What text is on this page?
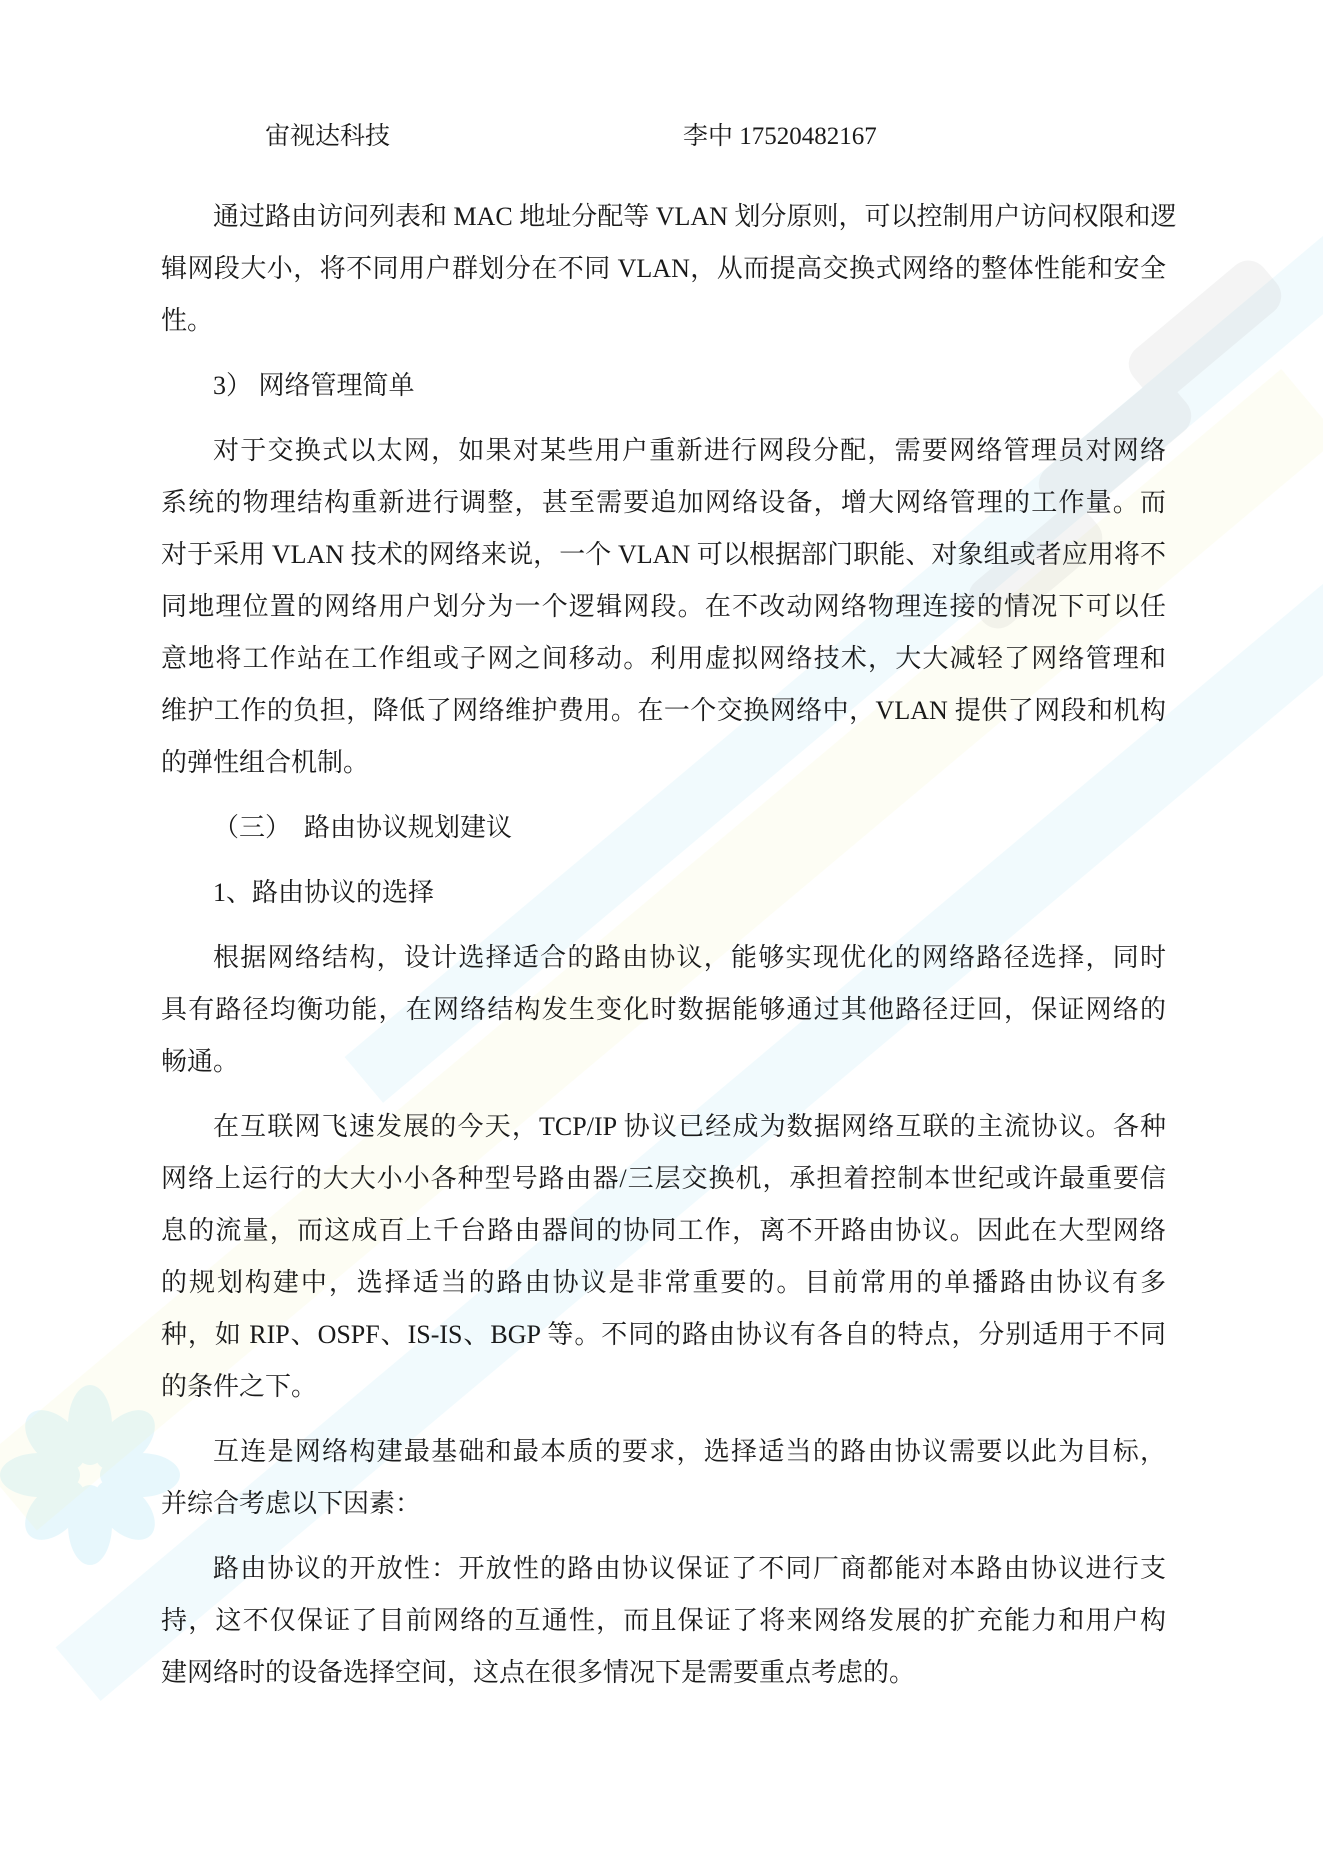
宙视达科技	李中 17520482167
通过路由访问列表和 MAC 地址分配等 VLAN 划分原则，可以控制用户访问权限和逻
辑网段大小，将不同用户群划分在不同 VLAN，从而提高交换式网络的整体性能和安全
性。
3） 网络管理简单
对于交换式以太网，如果对某些用户重新进行网段分配，需要网络管理员对网络
系统的物理结构重新进行调整，甚至需要追加网络设备，增大网络管理的工作量。而
对于采用 VLAN 技术的网络来说，一个 VLAN 可以根据部门职能、对象组或者应用将不
同地理位置的网络用户划分为一个逻辑网段。在不改动网络物理连接的情况下可以任
意地将工作站在工作组或子网之间移动。利用虚拟网络技术，大大减轻了网络管理和
维护工作的负担，降低了网络维护费用。在一个交换网络中，VLAN 提供了网段和机构
的弹性组合机制。
（三）  路由协议规划建议
1、路由协议的选择
根据网络结构，设计选择适合的路由协议，能够实现优化的网络路径选择，同时
具有路径均衡功能，在网络结构发生变化时数据能够通过其他路径迂回，保证网络的
畅通。
在互联网飞速发展的今天，TCP/IP 协议已经成为数据网络互联的主流协议。各种
网络上运行的大大小小各种型号路由器/三层交换机，承担着控制本世纪或许最重要信
息的流量，而这成百上千台路由器间的协同工作，离不开路由协议。因此在大型网络
的规划构建中，选择适当的路由协议是非常重要的。目前常用的单播路由协议有多
种，如 RIP、OSPF、IS-IS、BGP 等。不同的路由协议有各自的特点，分别适用于不同
的条件之下。
互连是网络构建最基础和最本质的要求，选择适当的路由协议需要以此为目标，
并综合考虑以下因素：
路由协议的开放性：开放性的路由协议保证了不同厂商都能对本路由协议进行支
持，这不仅保证了目前网络的互通性，而且保证了将来网络发展的扩充能力和用户构
建网络时的设备选择空间，这点在很多情况下是需要重点考虑的。
